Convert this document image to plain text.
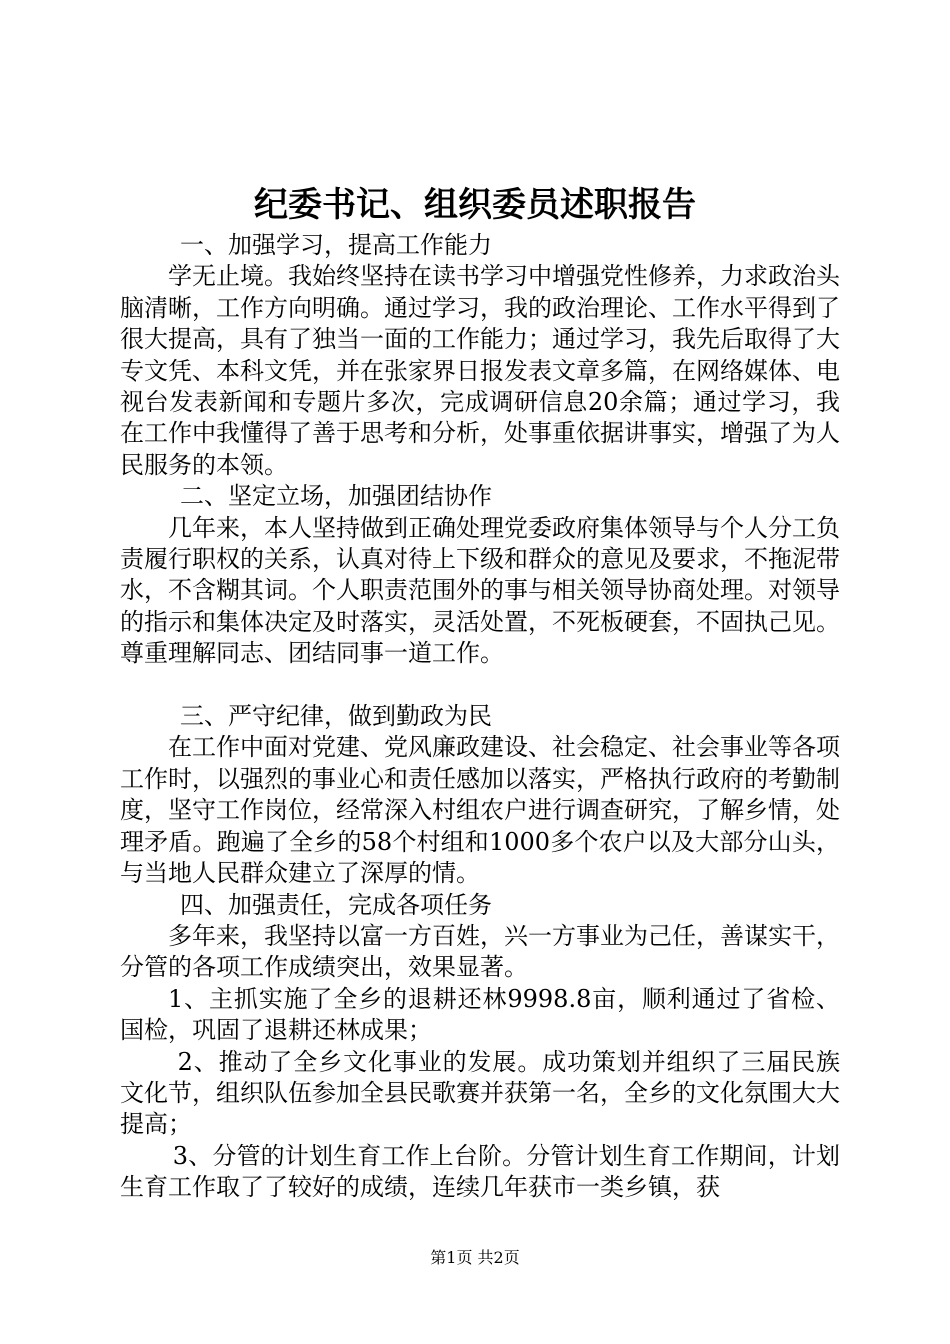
纪委书记、组织委员述职报告

一、加强学习，提高工作能力

学无止境。我始终坚持在读书学习中增强党性修养，力求政治头脑清晰，工作方向明确。通过学习，我的政治理论、工作水平得到了很大提高，具有了独当一面的工作能力；通过学习，我先后取得了大专文凭、本科文凭，并在张家界日报发表文章多篇，在网络媒体、电视台发表新闻和专题片多次，完成调研信息20余篇；通过学习，我在工作中我懂得了善于思考和分析，处事重依据讲事实，增强了为人民服务的本领。

二、坚定立场，加强团结协作

几年来，本人坚持做到正确处理党委政府集体领导与个人分工负责履行职权的关系，认真对待上下级和群众的意见及要求，不拖泥带水，不含糊其词。个人职责范围外的事与相关领导协商处理。对领导的指示和集体决定及时落实，灵活处置，不死板硬套，不固执己见。尊重理解同志、团结同事一道工作。

三、严守纪律，做到勤政为民

在工作中面对党建、党风廉政建设、社会稳定、社会事业等各项工作时，以强烈的事业心和责任感加以落实，严格执行政府的考勤制度，坚守工作岗位，经常深入村组农户进行调查研究，了解乡情，处理矛盾。跑遍了全乡的58个村组和1000多个农户以及大部分山头，与当地人民群众建立了深厚的情。

四、加强责任，完成各项任务

多年来，我坚持以富一方百姓，兴一方事业为己任，善谋实干，分管的各项工作成绩突出，效果显著。

1、主抓实施了全乡的退耕还林9998.8亩，顺利通过了省检、国检，巩固了退耕还林成果；

2、推动了全乡文化事业的发展。成功策划并组织了三届民族文化节，组织队伍参加全县民歌赛并获第一名，全乡的文化氛围大大提高；

3、分管的计划生育工作上台阶。分管计划生育工作期间，计划生育工作取了了较好的成绩，连续几年获市一类乡镇，获

第1页 共2页
